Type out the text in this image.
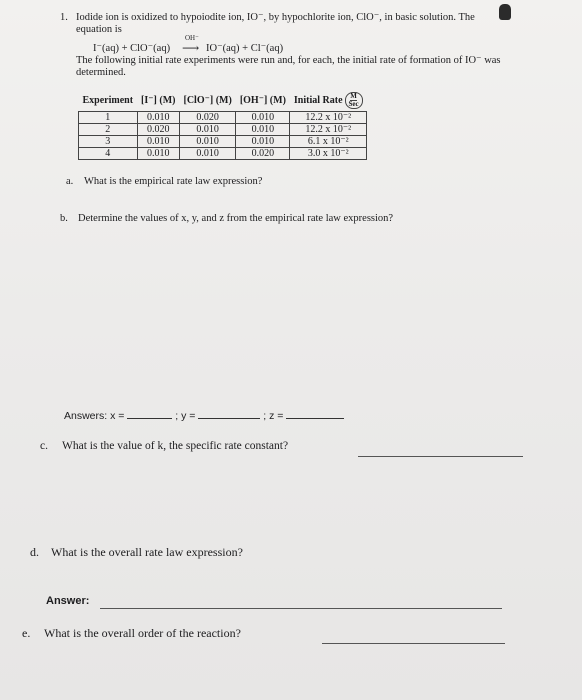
1. Iodide ion is oxidized to hypoiodite ion, IO⁻, by hypochlorite ion, ClO⁻, in basic solution. The
equation is
I⁻(aq) + ClO⁻(aq)
OH⁻
⟶ IO⁻(aq) + Cl⁻(aq)
The following initial rate experiments were run and, for each, the initial rate of formation of IO⁻ was
determined.
Experiment	[I⁻] (M)	[ClO⁻] (M)	[OH⁻] (M)	Initial Rate $\frac{M}{\text{Sec}}$

1	0.010	0.020	0.010	12.2 x 10⁻²
2	0.020	0.010	0.010	12.2 x 10⁻²
3	0.010	0.010	0.010	6.1 x 10⁻²
4	0.010	0.010	0.020	3.0 x 10⁻²
a. What is the empirical rate law expression?
b. Determine the values of x, y, and z from the empirical rate law expression?
Answers: x =	; y =	; z =
c. What is the value of k, the specific rate constant?
d. What is the overall rate law expression?
Answer:
e. What is the overall order of the reaction?
